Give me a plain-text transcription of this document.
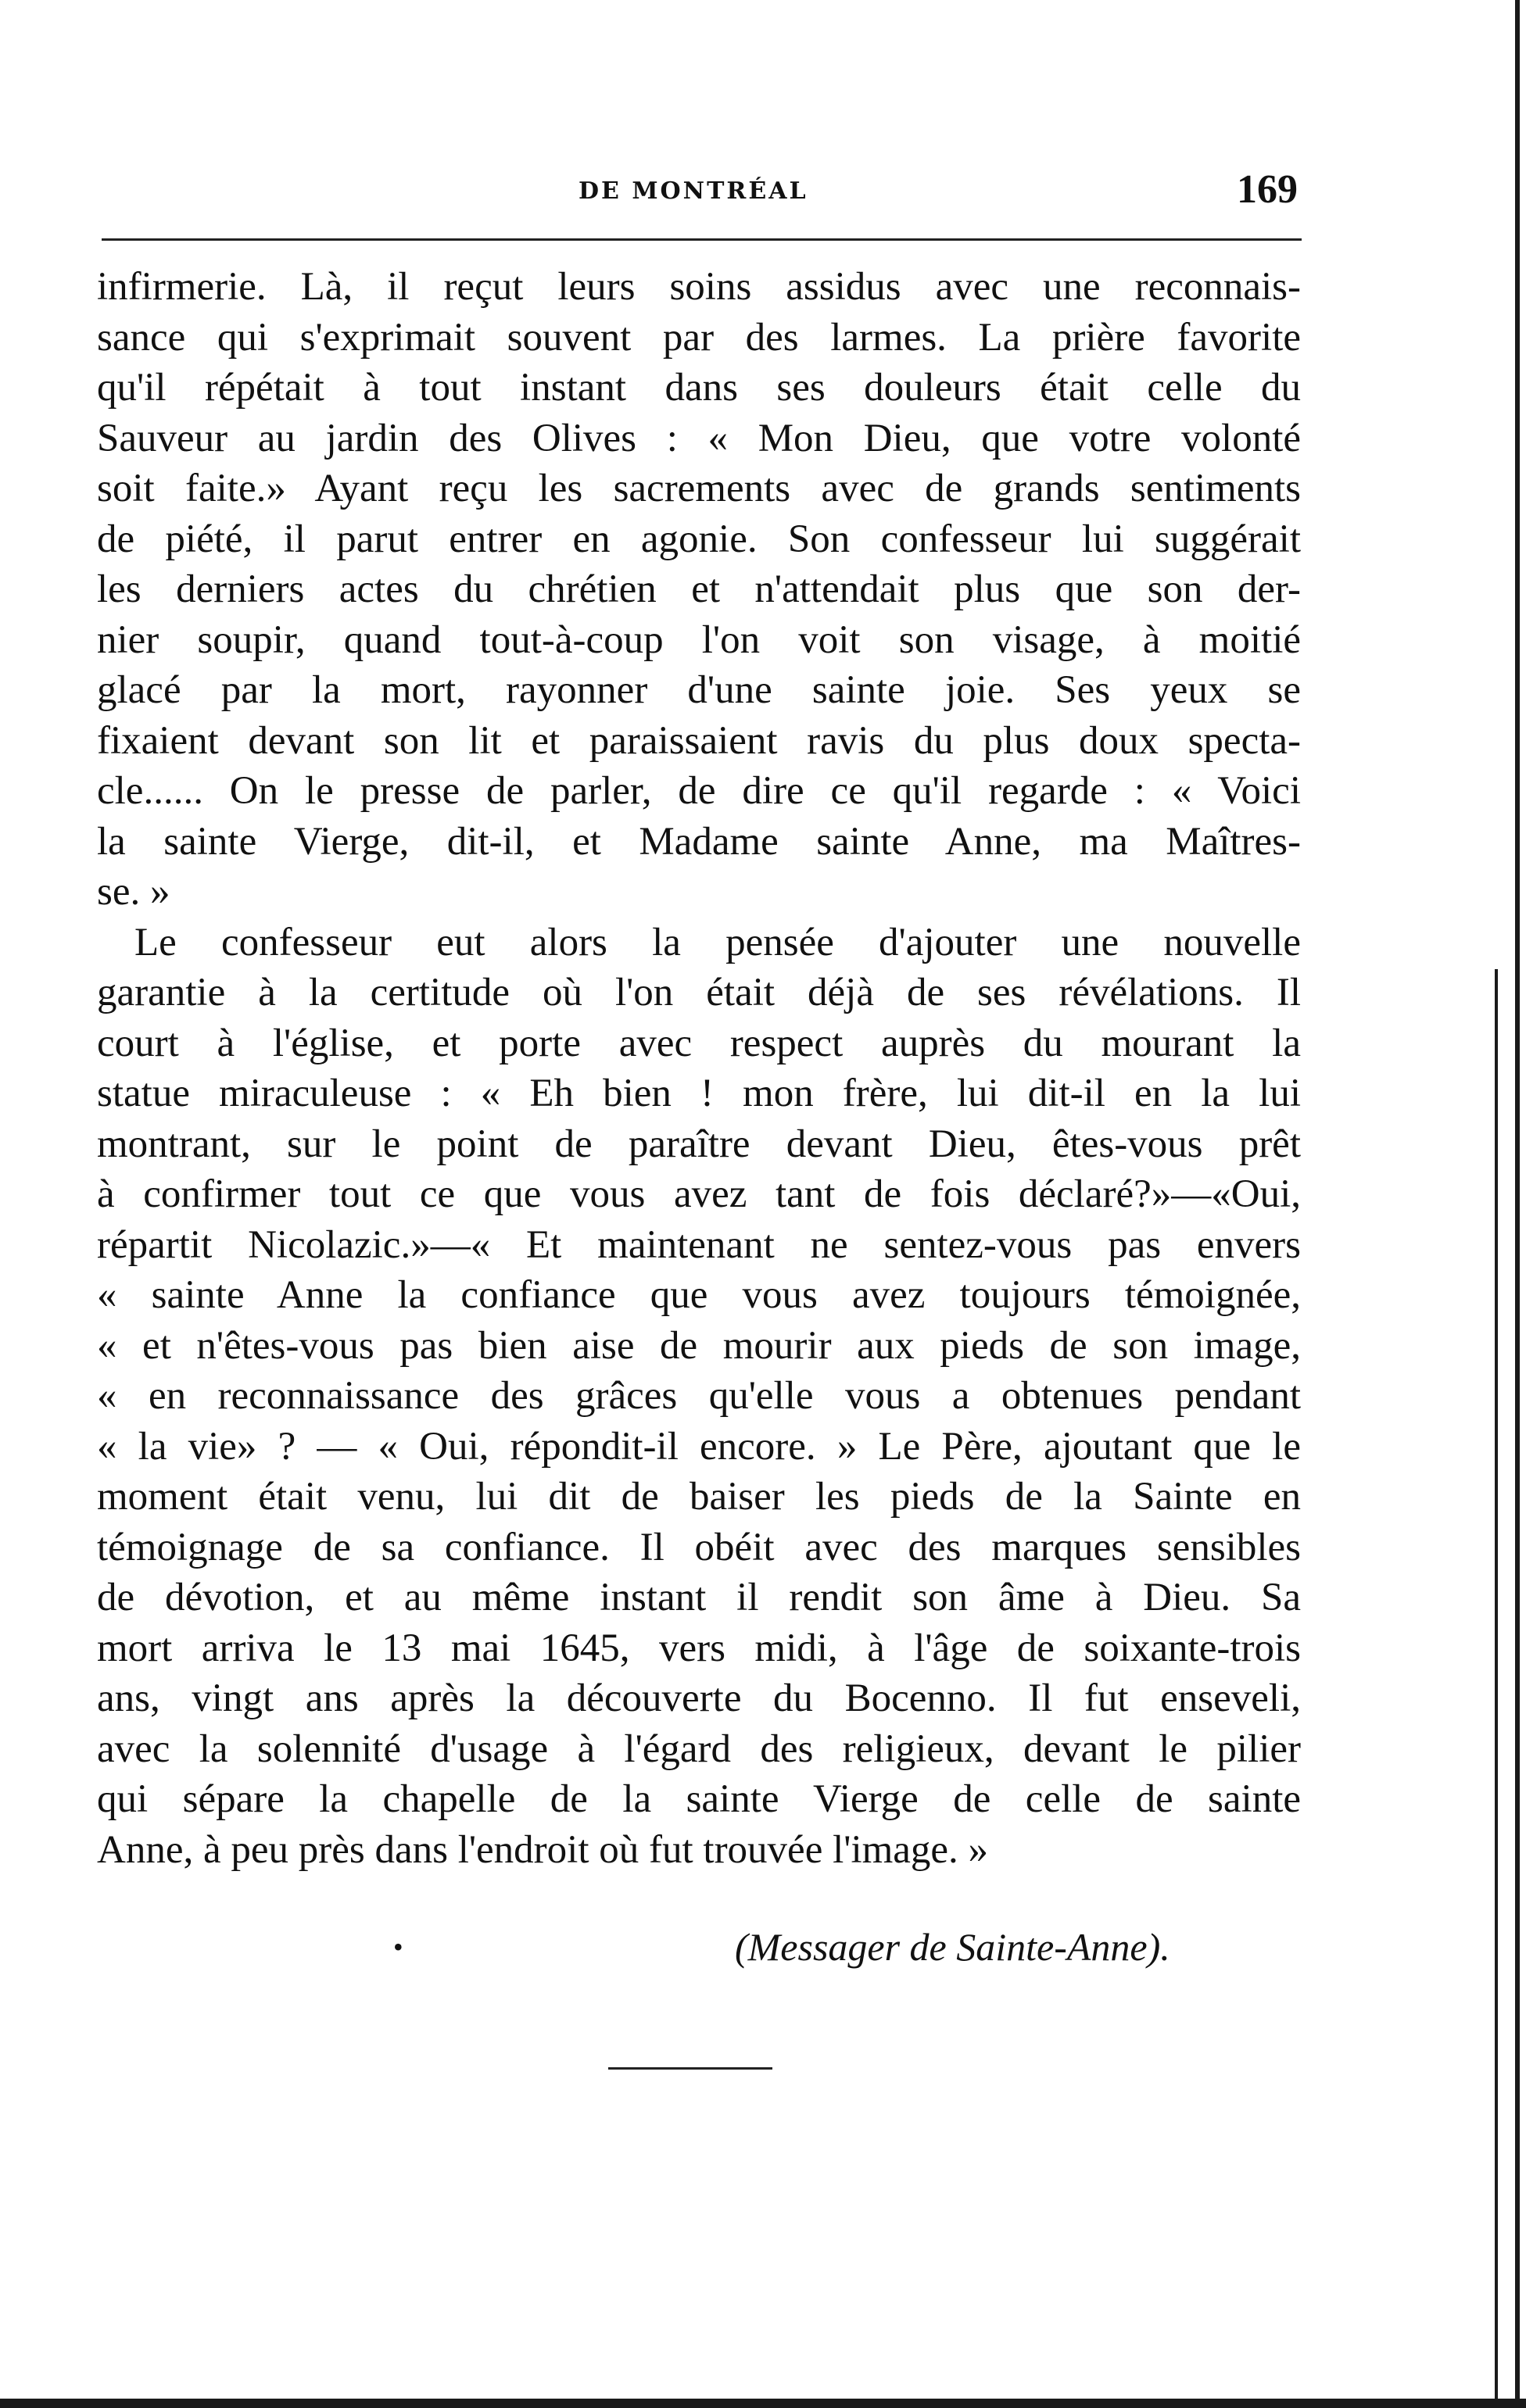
DE MONTRÉAL	169
infirmerie. Là, il reçut leurs soins assidus avec une reconnais-
sance qui s'exprimait souvent par des larmes. La prière favorite
qu'il répétait à tout instant dans ses douleurs était celle du
Sauveur au jardin des Olives : « Mon Dieu, que votre volonté
soit faite.» Ayant reçu les sacrements avec de grands sentiments
de piété, il parut entrer en agonie. Son confesseur lui suggérait
les derniers actes du chrétien et n'attendait plus que son der-
nier soupir, quand tout-à-coup l'on voit son visage, à moitié
glacé par la mort, rayonner d'une sainte joie. Ses yeux se
fixaient devant son lit et paraissaient ravis du plus doux specta-
cle...... On le presse de parler, de dire ce qu'il regarde : « Voici
la sainte Vierge, dit-il, et Madame sainte Anne, ma Maîtres-
se. »
Le confesseur eut alors la pensée d'ajouter une nouvelle
garantie à la certitude où l'on était déjà de ses révélations. Il
court à l'église, et porte avec respect auprès du mourant la
statue miraculeuse : « Eh bien ! mon frère, lui dit-il en la lui
montrant, sur le point de paraître devant Dieu, êtes-vous prêt
à confirmer tout ce que vous avez tant de fois déclaré?»—«Oui,
répartit Nicolazic.»—« Et maintenant ne sentez-vous pas envers
« sainte Anne la confiance que vous avez toujours témoignée,
« et n'êtes-vous pas bien aise de mourir aux pieds de son image,
« en reconnaissance des grâces qu'elle vous a obtenues pendant
« la vie» ? — « Oui, répondit-il encore. » Le Père, ajoutant que le
moment était venu, lui dit de baiser les pieds de la Sainte en
témoignage de sa confiance. Il obéit avec des marques sensibles
de dévotion, et au même instant il rendit son âme à Dieu. Sa
mort arriva le 13 mai 1645, vers midi, à l'âge de soixante-trois
ans, vingt ans après la découverte du Bocenno. Il fut enseveli,
avec la solennité d'usage à l'égard des religieux, devant le pilier
qui sépare la chapelle de la sainte Vierge de celle de sainte
Anne, à peu près dans l'endroit où fut trouvée l'image. »
•	(Messager de Sainte-Anne).
